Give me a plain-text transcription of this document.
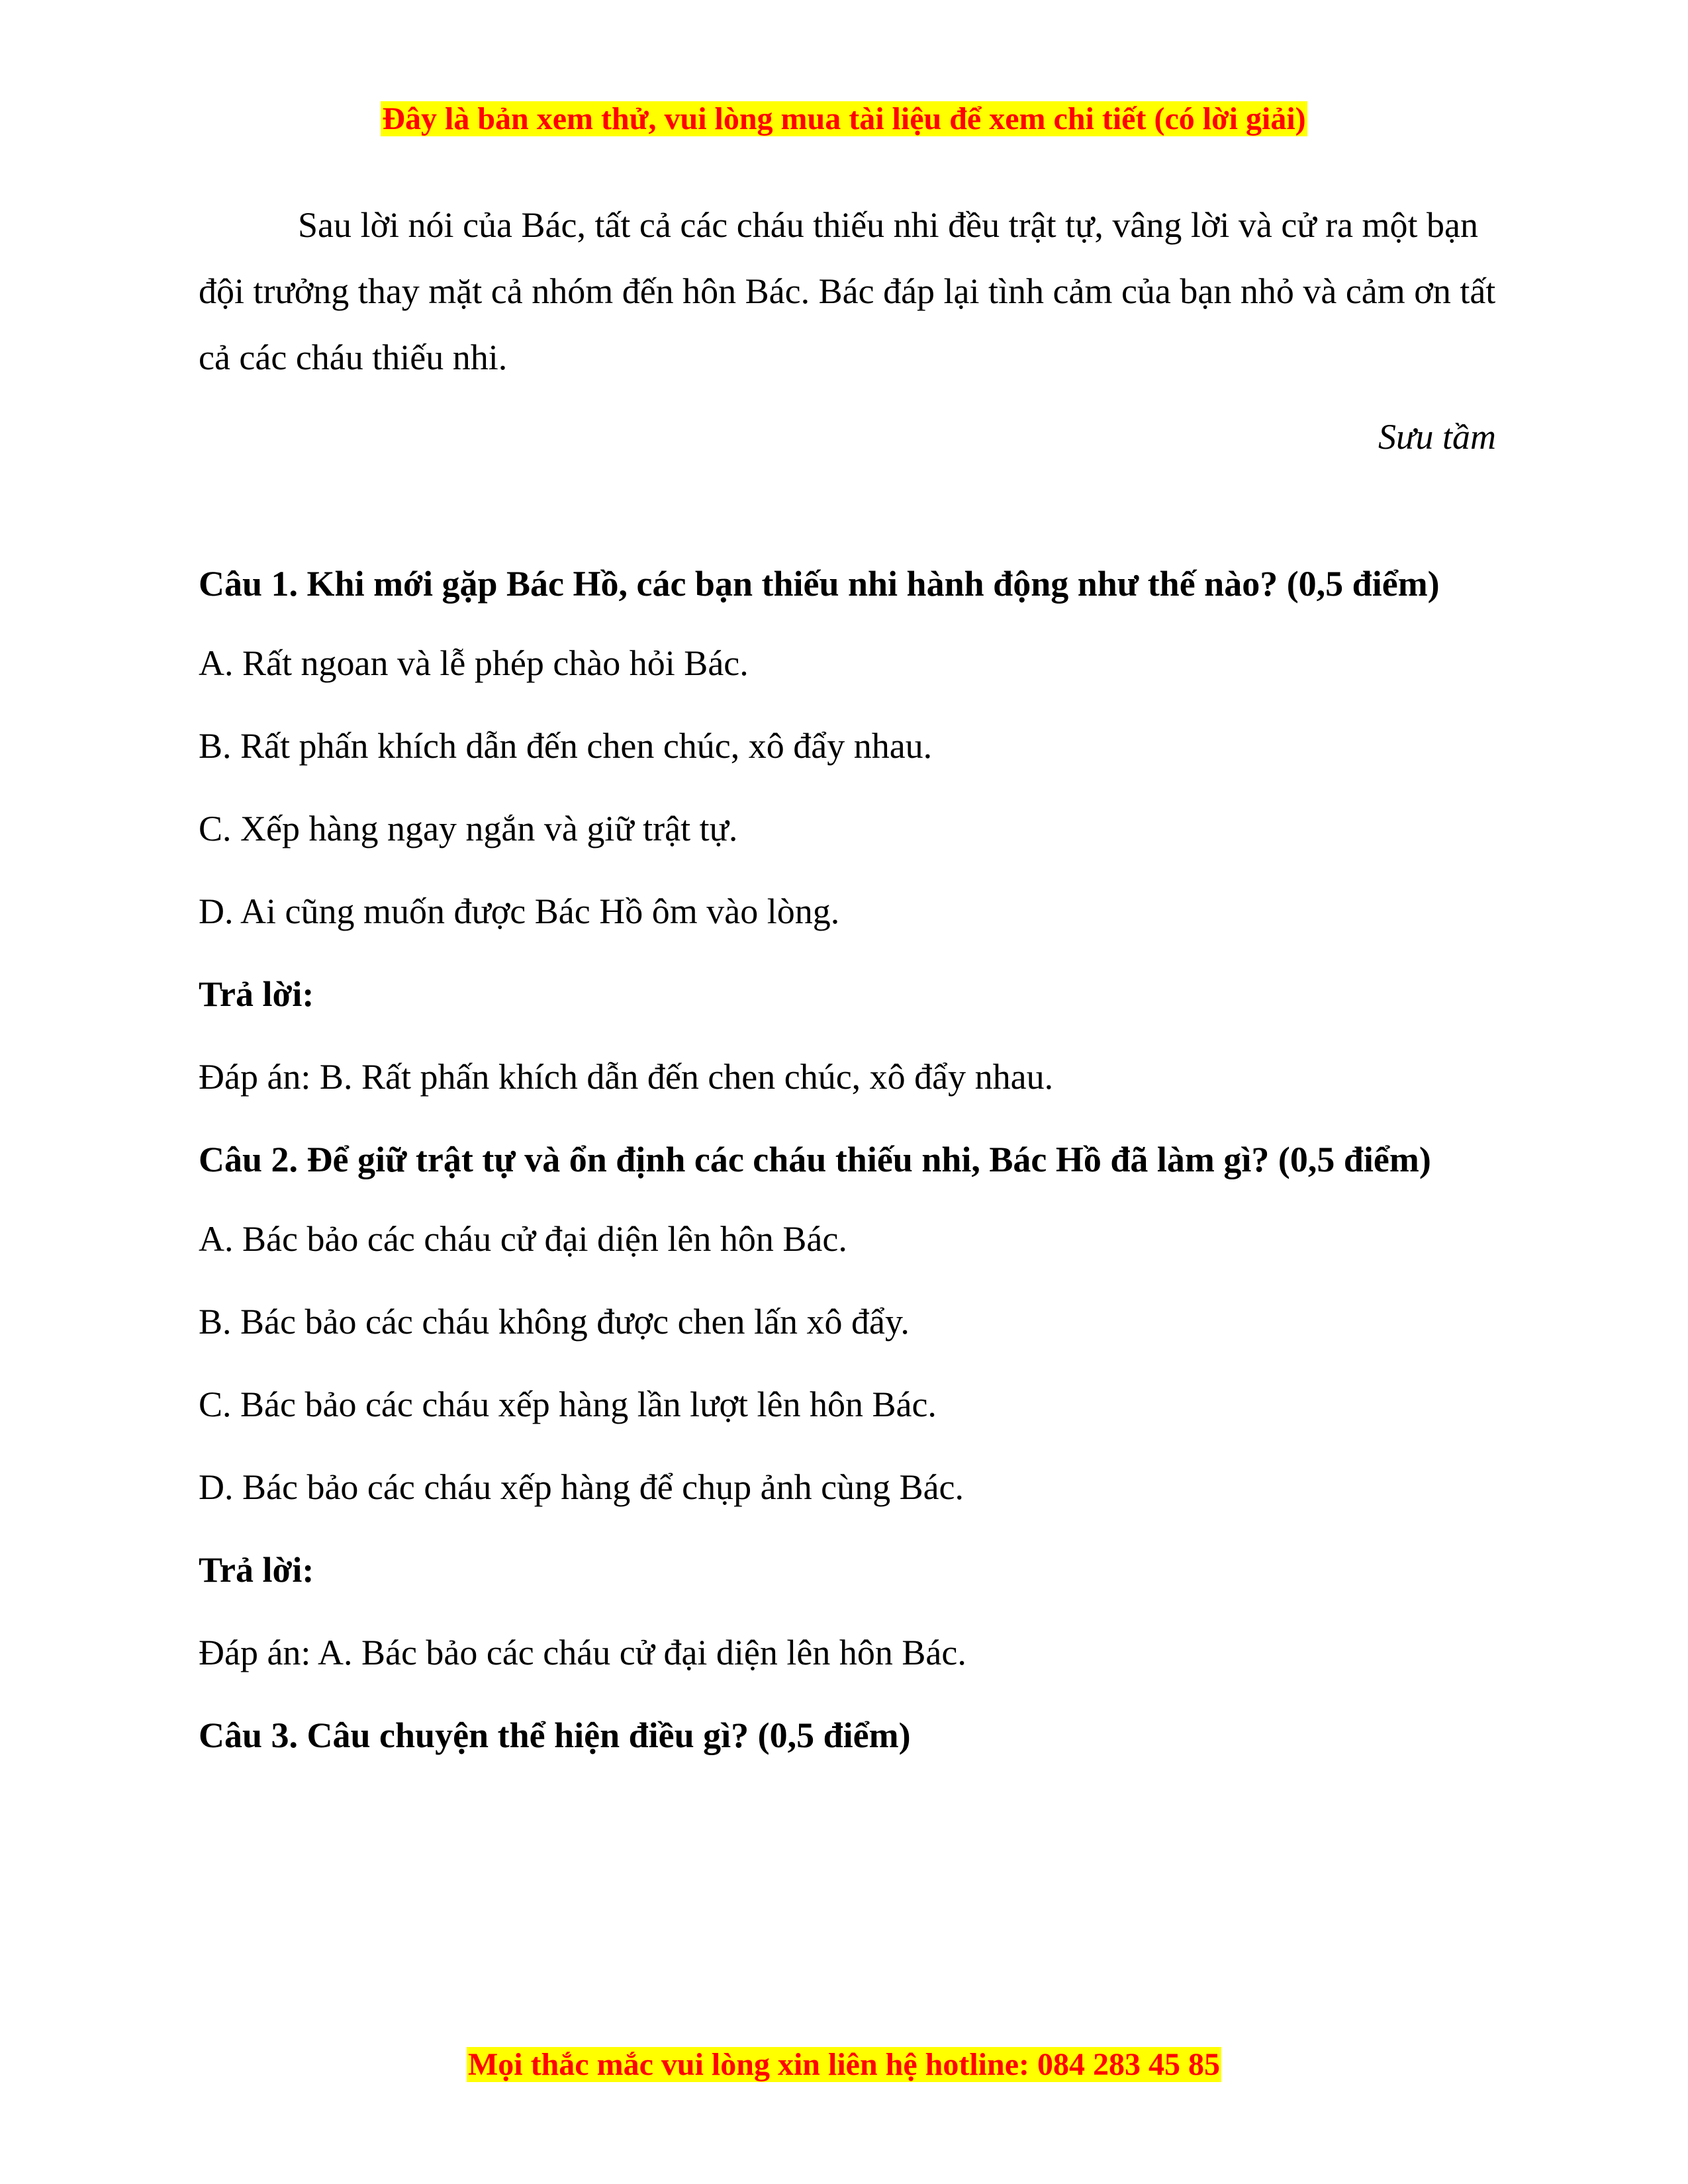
Đây là bản xem thử, vui lòng mua tài liệu để xem chi tiết (có lời giải)

Sau lời nói của Bác, tất cả các cháu thiếu nhi đều trật tự, vâng lời và cử ra một bạn đội trưởng thay mặt cả nhóm đến hôn Bác. Bác đáp lại tình cảm của bạn nhỏ và cảm ơn tất cả các cháu thiếu nhi.

Sưu tầm

Câu 1. Khi mới gặp Bác Hồ, các bạn thiếu nhi hành động như thế nào? (0,5 điểm)

A. Rất ngoan và lễ phép chào hỏi Bác.

B. Rất phấn khích dẫn đến chen chúc, xô đẩy nhau.

C. Xếp hàng ngay ngắn và giữ trật tự.

D. Ai cũng muốn được Bác Hồ ôm vào lòng.

Trả lời:

Đáp án: B. Rất phấn khích dẫn đến chen chúc, xô đẩy nhau.

Câu 2. Để giữ trật tự và ổn định các cháu thiếu nhi, Bác Hồ đã làm gì? (0,5 điểm)

A. Bác bảo các cháu cử đại diện lên hôn Bác.

B. Bác bảo các cháu không được chen lấn xô đẩy.

C. Bác bảo các cháu xếp hàng lần lượt lên hôn Bác.

D. Bác bảo các cháu xếp hàng để chụp ảnh cùng Bác.

Trả lời:

Đáp án: A. Bác bảo các cháu cử đại diện lên hôn Bác.

Câu 3. Câu chuyện thể hiện điều gì? (0,5 điểm)

Mọi thắc mắc vui lòng xin liên hệ hotline: 084 283 45 85
